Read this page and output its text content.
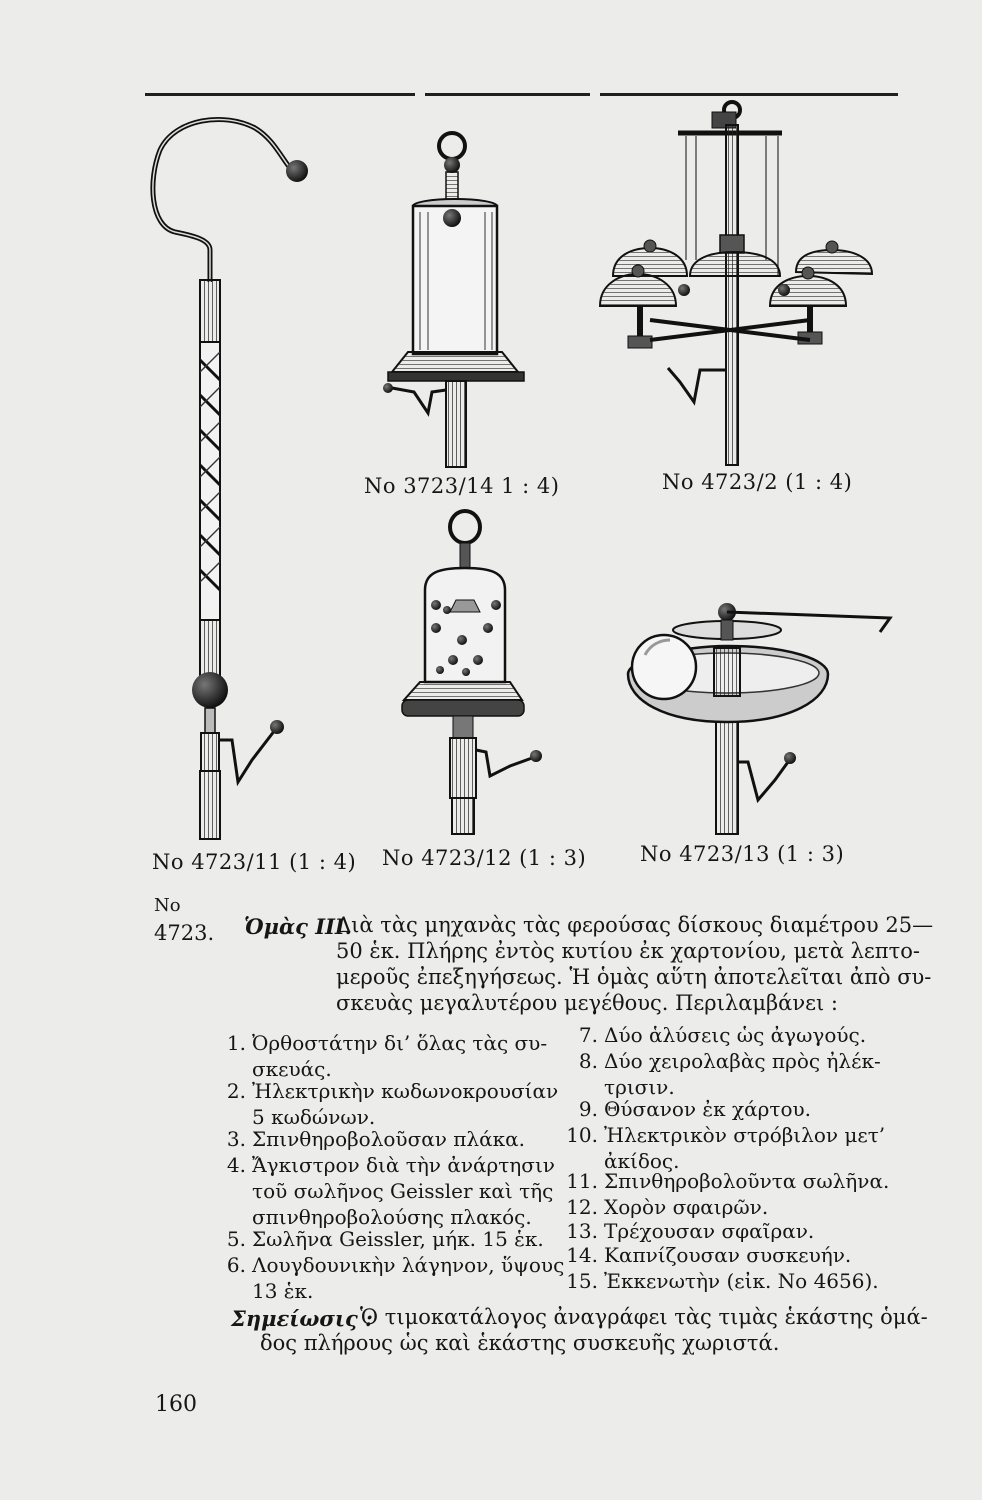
No 3723/14 1 : 4)	No 4723/2 (1 : 4)
No 4723/11 (1 : 4) No 4723/12 (1 : 3)	No 4723/13 (1 : 3)
No
4723. Ὁμὰς III.
Διὰ τὰς μηχανὰς τὰς φερούσας δίσκους διαμέτρου 25—
50 ἑκ. Πλήρης ἐντὸς κυτίου ἐκ χαρτονίου, μετὰ λεπτο-
μεροῦς ἐπεξηγήσεως. Ἡ ὁμὰς αὕτη ἀποτελεῖται ἀπὸ συ-
σκευὰς μεγαλυτέρου μεγέθους. Περιλαμβάνει :
1. Ὀρθοστάτην δι’ ὅλας τὰς συ-
σκευάς.
2. Ἠλεκτρικὴν κωδωνοκρουσίαν
5 κωδώνων.
3. Σπινθηροβολοῦσαν πλάκα.
4. Ἄγκιστρον διὰ τὴν ἀνάρτησιν
τοῦ σωλῆνος Geissler καὶ τῆς
σπινθηροβολούσης πλακός.
5. Σωλῆνα Geissler, μήκ. 15 ἑκ.
6. Λουγδουνικὴν λάγηνον, ὕψους
13 ἑκ.
7. Δύο ἁλύσεις ὡς ἀγωγούς.
8. Δύο χειρολαβὰς πρὸς ἠλέκ-
τρισιν.
9. Θύσανον ἐκ χάρτου.
10. Ἠλεκτρικὸν στρόβιλον μετ’
ἀκίδος.
11. Σπινθηροβολοῦντα σωλῆνα.
12. Χορὸν σφαιρῶν.
13. Τρέχουσαν σφαῖραν.
14. Καπνίζουσαν συσκευήν.
15. Ἐκκενωτὴν (εἰκ. No 4656).
Σημείωσις :
Ὁ τιμοκατάλογος ἀναγράφει τὰς τιμὰς ἑκάστης ὁμά-
δος πλήρους ὡς καὶ ἑκάστης συσκευῆς χωριστά.
160
